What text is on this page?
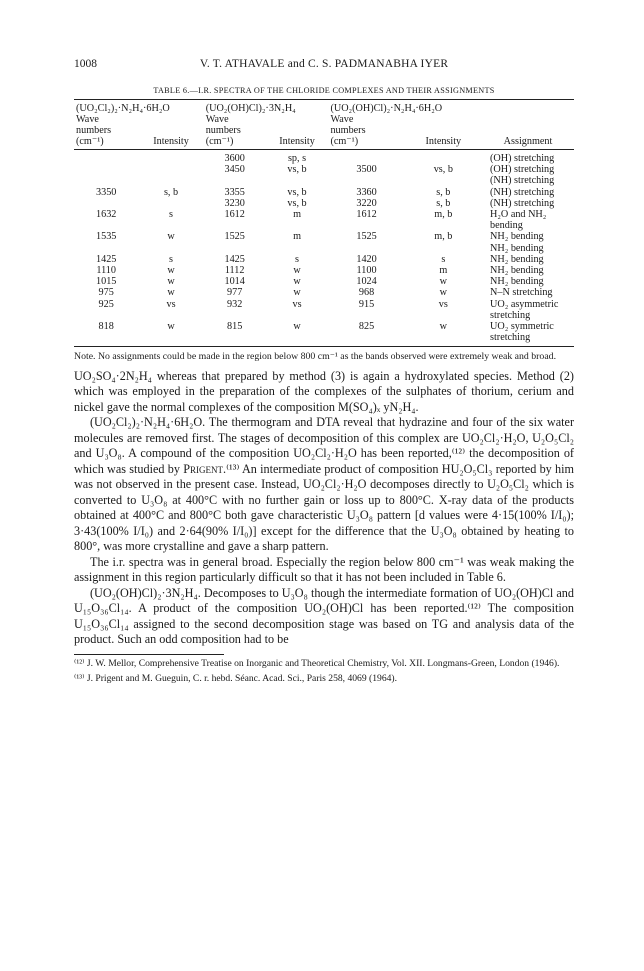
1008	V. T. ATHAVALE and C. S. PADMANABHA IYER
TABLE 6.—I.R. SPECTRA OF THE CHLORIDE COMPLEXES AND THEIR ASSIGNMENTS
(UO₂Cl₂)₂·N₂H₄·6H₂O		(UO₂(OH)Cl)₂·3N₂H₄		(UO₂(OH)Cl)₂·N₂H₄·6H₂O		
Wave
numbers
(cm⁻¹)	Intensity	Wave
numbers
(cm⁻¹)	Intensity	Wave
numbers
(cm⁻¹)	Intensity	Assignment
		3600	sp, s			(OH) stretching
		3450	vs, b	3500	vs, b	(OH) stretching
						(NH) stretching
3350	s, b	3355	vs, b	3360	s, b	(NH) stretching
		3230	vs, b	3220	s, b	(NH) stretching
1632	s	1612	m	1612	m, b	H₂O and NH₂ bending
1535	w	1525	m	1525	m, b	NH₂ bending
						NH₂ bending
1425	s	1425	s	1420	s	NH₂ bending
1110	w	1112	w	1100	m	NH₂ bending
1015	w	1014	w	1024	w	NH₂ bending
975	w	977	w	968	w	N–N stretching
925	vs	932	vs	915	vs	UO₂ asymmetric stretching
818	w	815	w	825	w	UO₂ symmetric stretching
Note. No assignments could be made in the region below 800 cm⁻¹ as the bands observed were extremely weak and broad.

UO₂SO₄·2N₂H₄ whereas that prepared by method (3) is again a hydroxylated species. Method (2) which was employed in the preparation of the complexes of the sulphates of thorium, cerium and nickel gave the normal complexes of the composition M(SO₄)ₓ yN₂H₄.

(UO₂Cl₂)₂·N₂H₄·6H₂O. The thermogram and DTA reveal that hydrazine and four of the six water molecules are removed first. The stages of decomposition of this complex are UO₂Cl₂·H₂O, U₂O₅Cl₂ and U₃O₈. A compound of the composition UO₂Cl₂·H₂O has been reported,⁽¹²⁾ the decomposition of which was studied by Prigent.⁽¹³⁾ An intermediate product of composition HU₂O₅Cl₃ reported by him was not observed in the present case. Instead, UO₂Cl₂·H₂O decomposes directly to U₂O₅Cl₂ which is converted to U₃O₈ at 400°C with no further gain or loss up to 800°C. X-ray data of the products obtained at 400°C and 800°C both gave characteristic U₃O₈ pattern [d values were 4·15(100% I/I₀); 3·43(100% I/I₀) and 2·64(90% I/I₀)] except for the difference that the U₃O₈ obtained by heating to 800°, was more crystalline and gave a sharp pattern.

The i.r. spectra was in general broad. Especially the region below 800 cm⁻¹ was weak making the assignment in this region particularly difficult so that it has not been included in Table 6.

(UO₂(OH)Cl)₂·3N₂H₄. Decomposes to U₃O₈ though the intermediate formation of UO₂(OH)Cl and U₁₅O₃₆Cl₁₄. A product of the composition UO₂(OH)Cl has been reported.⁽¹²⁾ The composition U₁₅O₃₆Cl₁₄ assigned to the second decomposition stage was based on TG and analysis data of the product. Such an odd composition had to be

⁽¹²⁾ J. W. Mellor, Comprehensive Treatise on Inorganic and Theoretical Chemistry, Vol. XII. Longmans-Green, London (1946).
⁽¹³⁾ J. Prigent and M. Gueguin, C. r. hebd. Séanc. Acad. Sci., Paris 258, 4069 (1964).
